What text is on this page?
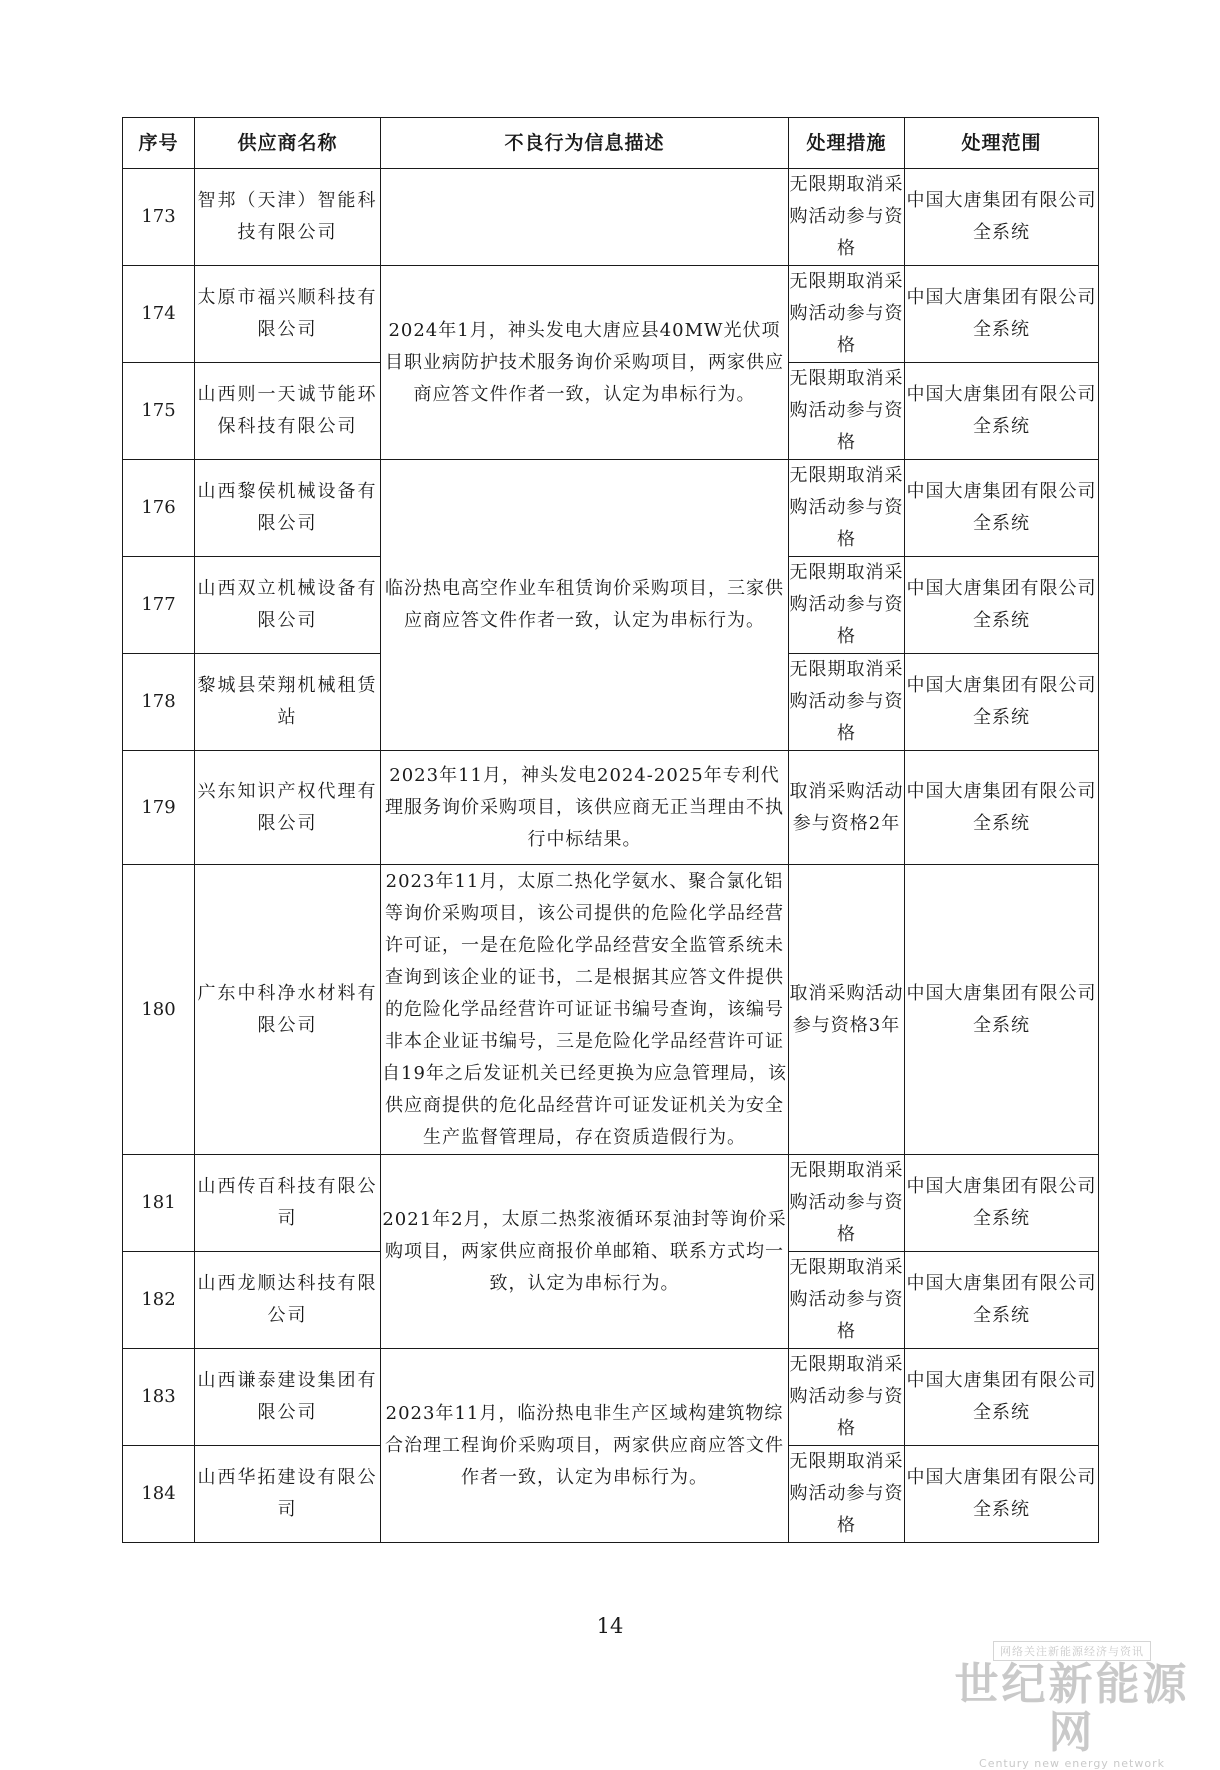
序号	供应商名称	不良行为信息描述	处理措施	处理范围
173	智邦（天津）智能科技有限公司		无限期取消采购活动参与资格	中国大唐集团有限公司全系统
174	太原市福兴顺科技有限公司	2024年1月，神头发电大唐应县40MW光伏项目职业病防护技术服务询价采购项目，两家供应商应答文件作者一致，认定为串标行为。	无限期取消采购活动参与资格	中国大唐集团有限公司全系统
175	山西则一天诚节能环保科技有限公司		无限期取消采购活动参与资格	中国大唐集团有限公司全系统
176	山西黎侯机械设备有限公司	临汾热电高空作业车租赁询价采购项目，三家供应商应答文件作者一致，认定为串标行为。	无限期取消采购活动参与资格	中国大唐集团有限公司全系统
177	山西双立机械设备有限公司		无限期取消采购活动参与资格	中国大唐集团有限公司全系统
178	黎城县荣翔机械租赁站		无限期取消采购活动参与资格	中国大唐集团有限公司全系统
179	兴东知识产权代理有限公司	2023年11月，神头发电2024-2025年专利代理服务询价采购项目，该供应商无正当理由不执行中标结果。	取消采购活动参与资格2年	中国大唐集团有限公司全系统
180	广东中科净水材料有限公司	2023年11月，太原二热化学氨水、聚合氯化铝等询价采购项目，该公司提供的危险化学品经营许可证，一是在危险化学品经营安全监管系统未查询到该企业的证书，二是根据其应答文件提供的危险化学品经营许可证证书编号查询，该编号非本企业证书编号，三是危险化学品经营许可证自19年之后发证机关已经更换为应急管理局，该供应商提供的危化品经营许可证发证机关为安全生产监督管理局，存在资质造假行为。	取消采购活动参与资格3年	中国大唐集团有限公司全系统
181	山西传百科技有限公司	2021年2月，太原二热浆液循环泵油封等询价采购项目，两家供应商报价单邮箱、联系方式均一致，认定为串标行为。	无限期取消采购活动参与资格	中国大唐集团有限公司全系统
182	山西龙顺达科技有限公司		无限期取消采购活动参与资格	中国大唐集团有限公司全系统
183	山西谦泰建设集团有限公司	2023年11月，临汾热电非生产区域构建筑物综合治理工程询价采购项目，两家供应商应答文件作者一致，认定为串标行为。	无限期取消采购活动参与资格	中国大唐集团有限公司全系统
184	山西华拓建设有限公司		无限期取消采购活动参与资格	中国大唐集团有限公司全系统
14
网络关注新能源经济与资讯
世纪新能源网
Century new energy network
